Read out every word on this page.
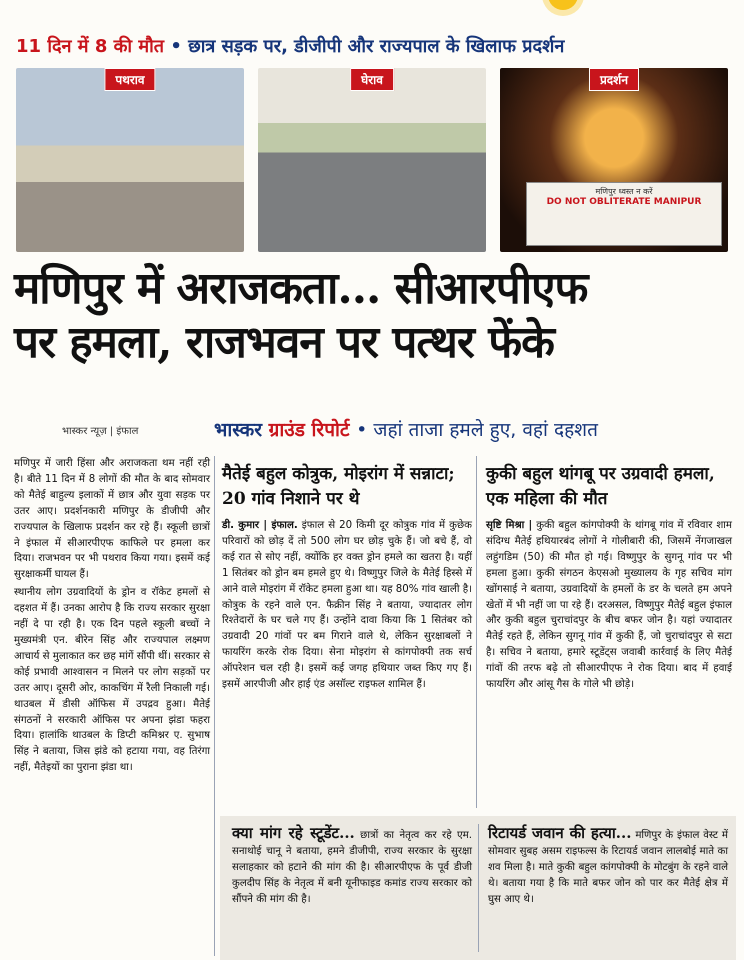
11 दिन में 8 की मौत • छात्र सड़क पर, डीजीपी और राज्यपाल के खिलाफ प्रदर्शन
पथराव	घेराव	प्रदर्शन
मणिपुर ध्वस्त न करें
DO NOT OBLITERATE MANIPUR
मणिपुर में अराजकता... सीआरपीएफ
पर हमला, राजभवन पर पत्थर फेंके
भास्कर न्यूज़ | इंफाल	भास्कर ग्राउंड रिपोर्ट • जहां ताजा हमले हुए, वहां दहशत

मणिपुर में जारी हिंसा और अराजकता थम नहीं रही है। बीते 11 दिन में 8 लोगों की मौत के बाद सोमवार को मैतेई बाहुल्य इलाकों में छात्र और युवा सड़क पर उतर आए। प्रदर्शनकारी मणिपुर के डीजीपी और राज्यपाल के खिलाफ प्रदर्शन कर रहे हैं। स्कूली छात्रों ने इंफाल में सीआरपीएफ काफिले पर हमला कर दिया। राजभवन पर भी पथराव किया गया। इसमें कई सुरक्षाकर्मी घायल हैं।

स्थानीय लोग उग्रवादियों के ड्रोन व रॉकेट हमलों से दहशत में हैं। उनका आरोप है कि राज्य सरकार सुरक्षा नहीं दे पा रही है। एक दिन पहले स्कूली बच्चों ने मुख्यमंत्री एन. बीरेन सिंह और राज्यपाल लक्ष्मण आचार्य से मुलाकात कर छह मांगें सौंपी थीं। सरकार से कोई प्रभावी आश्वासन न मिलने पर लोग सड़कों पर उतर आए। दूसरी ओर, काकचिंग में रैली निकाली गई। थाउबल में डीसी ऑफिस में उपद्रव हुआ। मैतेई संगठनों ने सरकारी ऑफिस पर अपना झंडा फहरा दिया। हालांकि थाउबल के डिप्टी कमिश्नर ए. सुभाष सिंह ने बताया, जिस झंडे को हटाया गया, वह तिरंगा नहीं, मैतेइयों का पुराना झंडा था।

मैतेई बहुल कोत्रुक, मोइरांग में सन्नाटा; 20 गांव निशाने पर थे
डी. कुमार | इंफाल. इंफाल से 20 किमी दूर कोत्रुक गांव में कुछेक परिवारों को छोड़ दें तो 500 लोग घर छोड़ चुके हैं। जो बचे हैं, वो कई रात से सोए नहीं, क्योंकि हर वक्त ड्रोन हमले का खतरा है। यहीं 1 सितंबर को ड्रोन बम हमले हुए थे। विष्णुपुर जिले के मैतेई हिस्से में आने वाले मोइरांग में रॉकेट हमला हुआ था। यह 80% गांव खाली है। कोत्रुक के रहने वाले एन. फैक्रीन सिंह ने बताया, ज्यादातर लोग रिश्तेदारों के घर चले गए हैं। उन्होंने दावा किया कि 1 सितंबर को उग्रवादी 20 गांवों पर बम गिराने वाले थे, लेकिन सुरक्षाबलों ने फायरिंग करके रोक दिया। सेना मोइरांग से कांगपोक्पी तक सर्च ऑपरेशन चल रही है। इसमें कई जगह हथियार जब्त किए गए हैं। इसमें आरपीजी और हाई एंड असॉल्ट राइफल शामिल हैं।
कुकी बहुल थांगबू पर उग्रवादी हमला, एक महिला की मौत
सृष्टि मिश्रा | कुकी बहुल कांगपोक्पी के थांगबू गांव में रविवार शाम संदिग्ध मैतेई हथियारबंद लोगों ने गोलीबारी की, जिसमें नेंगजाखल लहुंगडिम (50) की मौत हो गई। विष्णुपुर के सुगनू गांव पर भी हमला हुआ। कुकी संगठन केएसओ मुख्यालय के गृह सचिव मांग खोंगसाई ने बताया, उग्रवादियों के हमलों के डर के चलते हम अपने खेतों में भी नहीं जा पा रहे हैं। दरअसल, विष्णुपुर मैतेई बहुल इंफाल और कुकी बहुल चुराचांदपुर के बीच बफर जोन है। यहां ज्यादातर मैतेई रहते हैं, लेकिन सुगनू गांव में कुकी हैं, जो चुराचांदपुर से सटा है। सचिव ने बताया, हमारे स्टूडेंट्स जवाबी कार्रवाई के लिए मैतेई गांवों की तरफ बढ़े तो सीआरपीएफ ने रोक दिया। बाद में हवाई फायरिंग और आंसू गैस के गोले भी छोड़े।
क्या मांग रहे स्टूडेंट... छात्रों का नेतृत्व कर रहे एम. सनाथोई चानू ने बताया, हमने डीजीपी, राज्य सरकार के सुरक्षा सलाहकार को हटाने की मांग की है। सीआरपीएफ के पूर्व डीजी कुलदीप सिंह के नेतृत्व में बनी यूनीफाइड कमांड राज्य सरकार को सौंपने की मांग की है।
रिटायर्ड जवान की हत्या... मणिपुर के इंफाल वेस्ट में सोमवार सुबह असम राइफल्स के रिटायर्ड जवान लालबोई माते का शव मिला है। माते कुकी बहुल कांगपोक्पी के मोटबुंग के रहने वाले थे। बताया गया है कि माते बफर जोन को पार कर मैतेई क्षेत्र में घुस आए थे।
